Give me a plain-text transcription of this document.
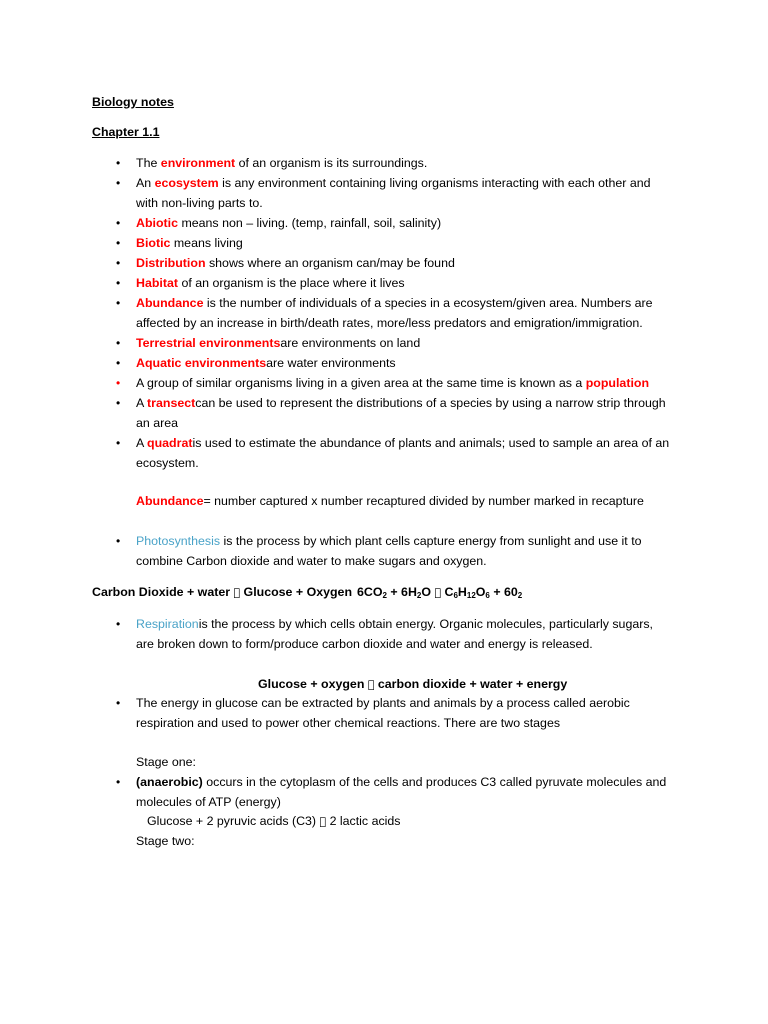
Biology notes
Chapter 1.1
•	The environment of an organism is its surroundings.
•	An ecosystem is any environment containing living organisms interacting with each other and
with non-living parts to.
•	Abiotic means non – living. (temp, rainfall, soil, salinity)
•	Biotic means living
•	Distribution shows where an organism can/may be found
•	Habitat of an organism is the place where it lives
•	Abundance is the number of individuals of a species in a ecosystem/given area. Numbers are
affected by an increase in birth/death rates, more/less predators and emigration/immigration.
•	Terrestrial environmentsare environments on land
•	Aquatic environmentsare water environments
•	A group of similar organisms living in a given area at the same time is known as a population
•	A transectcan be used to represent the distributions of a species by using a narrow strip through
an area
•	A quadratis used to estimate the abundance of plants and animals; used to sample an area of an
ecosystem.
Abundance= number captured x number recaptured divided by number marked in recapture
•	Photosynthesis is the process by which plant cells capture energy from sunlight and use it to
combine Carbon dioxide and water to make sugars and oxygen.
Carbon Dioxide + water Glucose + Oxygen $6CO_2 + 6H_2O$ $C_6H_{12}O_6 + 60_2$
•	Respirationis the process by which cells obtain energy. Organic molecules, particularly sugars,
are broken down to form/produce carbon dioxide and water and energy is released.
Glucose + oxygen carbon dioxide + water + energy
•	The energy in glucose can be extracted by plants and animals by a process called aerobic
respiration and used to power other chemical reactions. There are two stages
Stage one:
•	(anaerobic) occurs in the cytoplasm of the cells and produces C3 called pyruvate molecules and
molecules of ATP (energy)
Glucose + 2 pyruvic acids (C3) 2 lactic acids
Stage two:
